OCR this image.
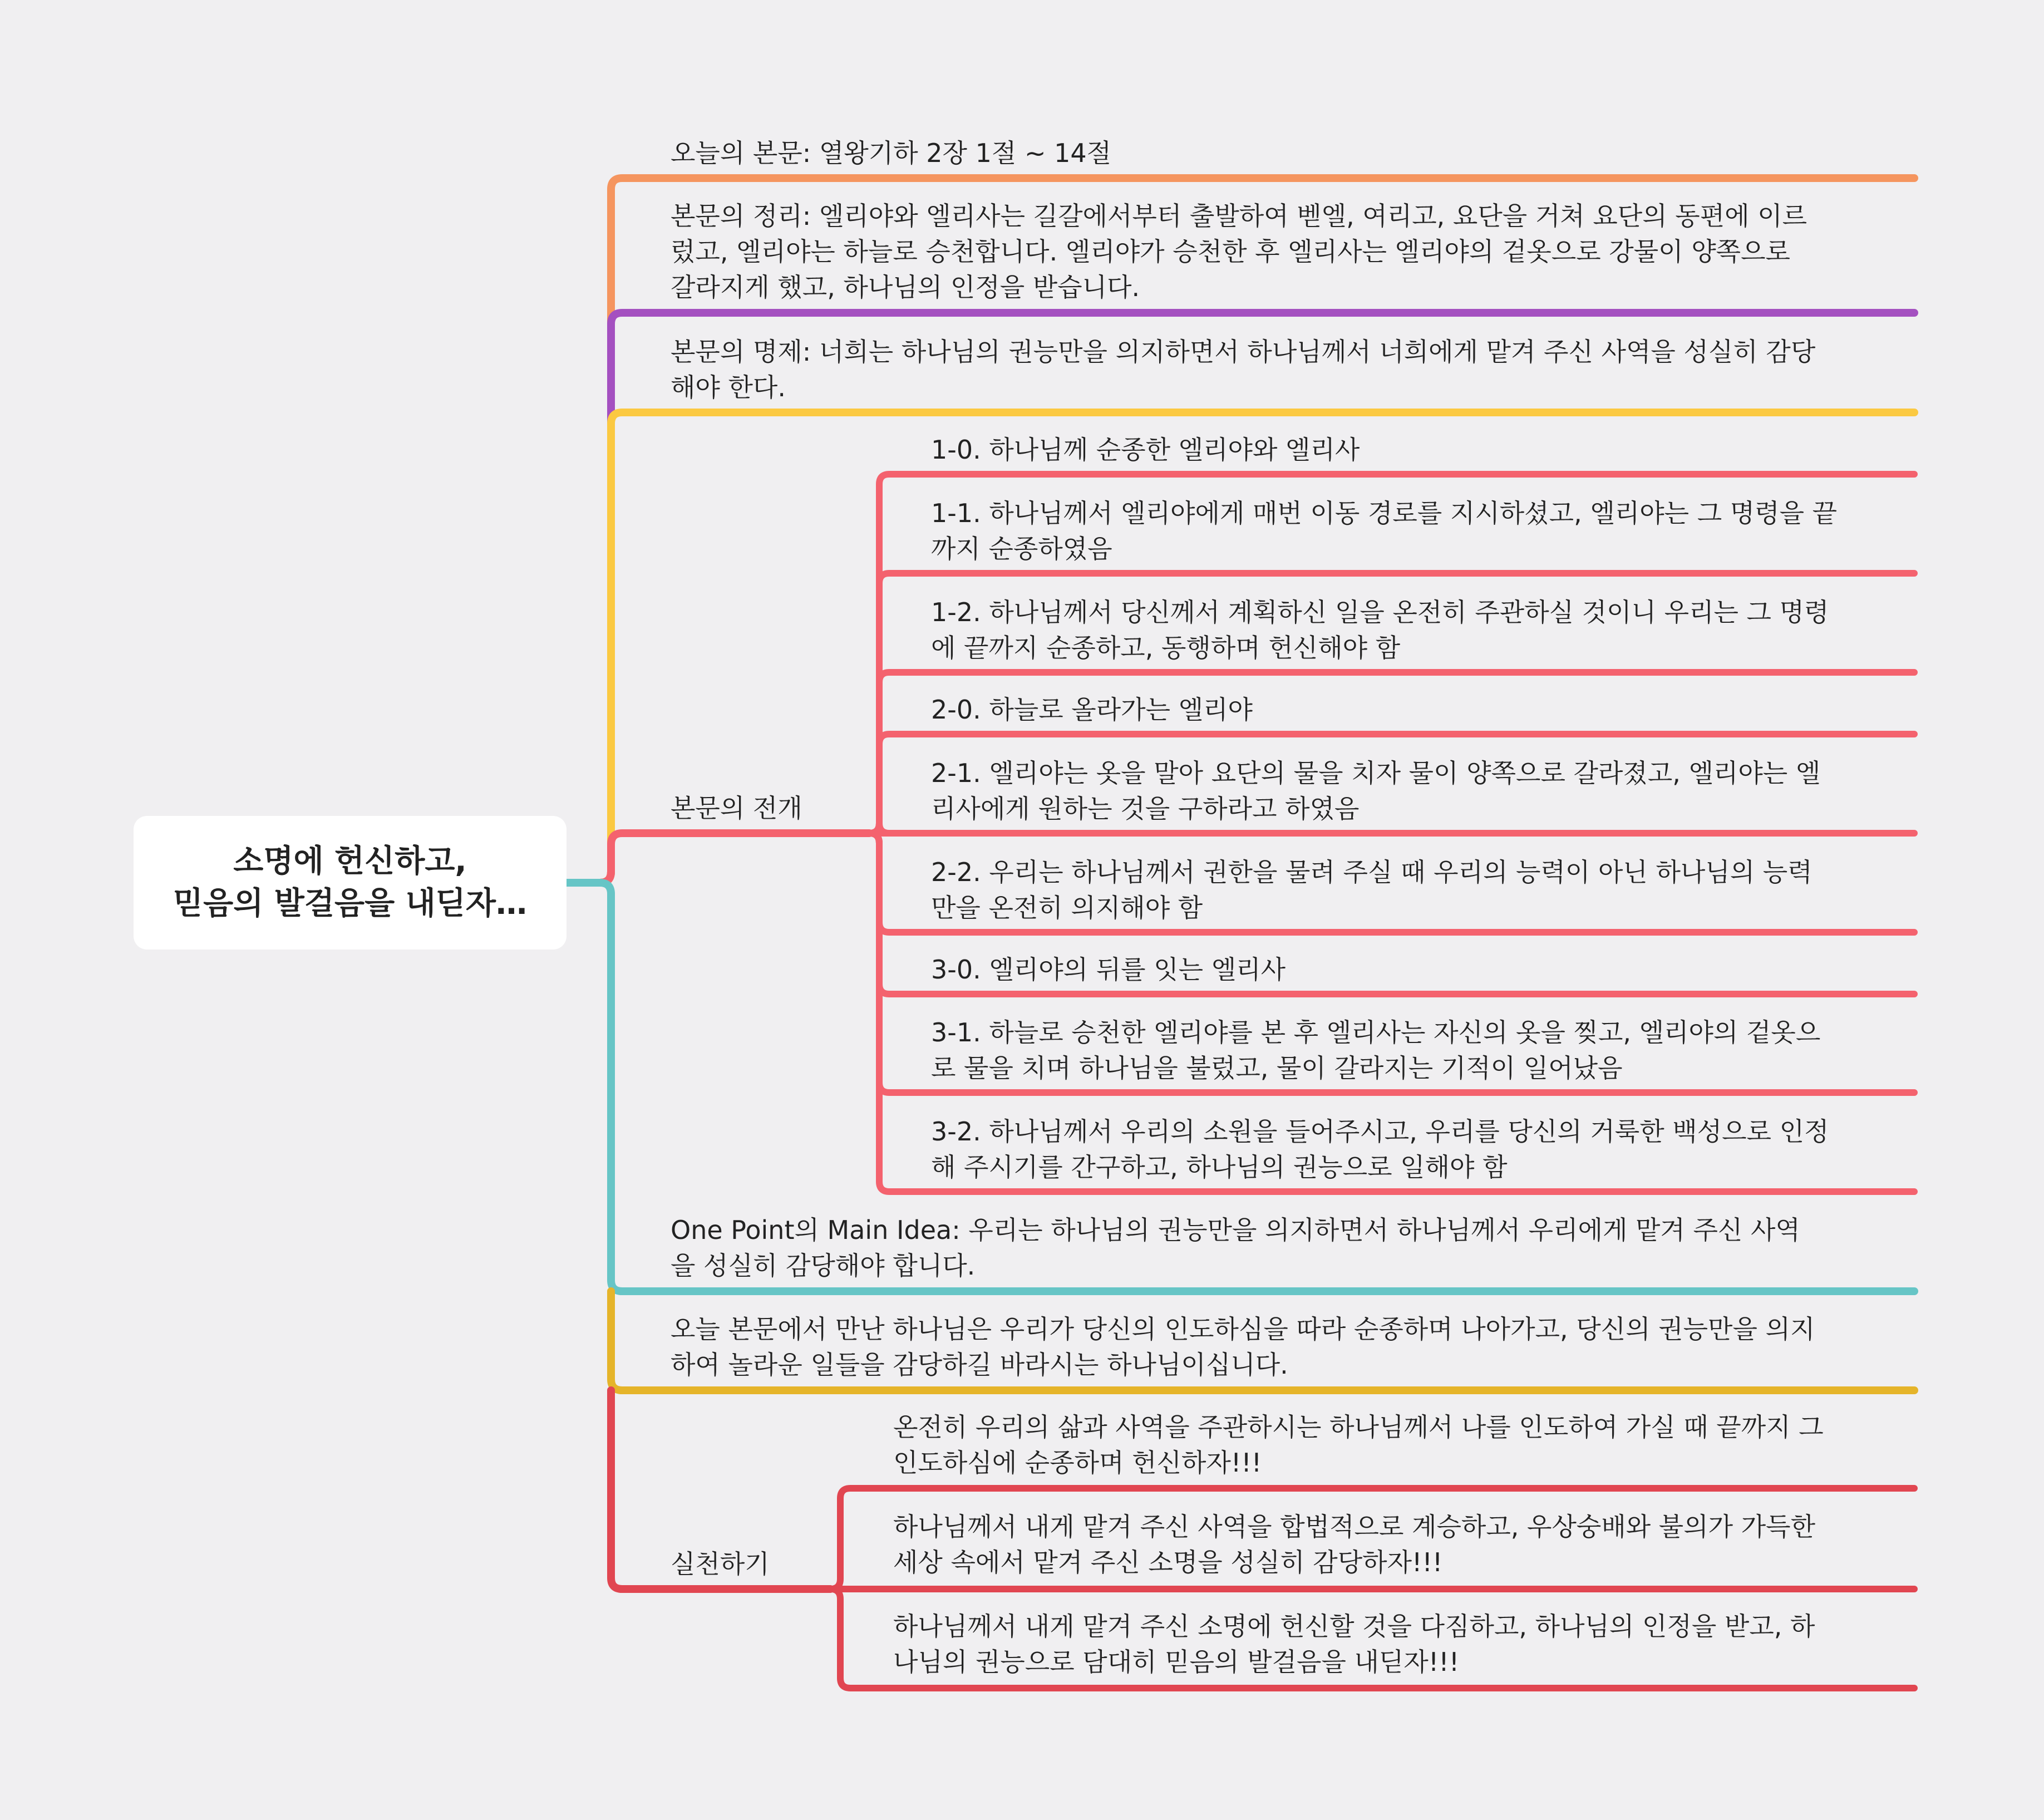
소명에 헌신하고,
믿음의 발걸음을 내딛자…
오늘의 본문: 열왕기하 2장 1절 ~ 14절
본문의 정리: 엘리야와 엘리사는 길갈에서부터 출발하여 벧엘, 여리고, 요단을 거쳐 요단의 동편에 이르
렀고, 엘리야는 하늘로 승천합니다. 엘리야가 승천한 후 엘리사는 엘리야의 겉옷으로 강물이 양쪽으로
갈라지게 했고, 하나님의 인정을 받습니다.
본문의 명제: 너희는 하나님의 권능만을 의지하면서 하나님께서 너희에게 맡겨 주신 사역을 성실히 감당
해야 한다.
본문의 전개
1-0. 하나님께 순종한 엘리야와 엘리사
1-1. 하나님께서 엘리야에게 매번 이동 경로를 지시하셨고, 엘리야는 그 명령을 끝
까지 순종하였음
1-2. 하나님께서 당신께서 계획하신 일을 온전히 주관하실 것이니 우리는 그 명령
에 끝까지 순종하고, 동행하며 헌신해야 함
2-0. 하늘로 올라가는 엘리야
2-1. 엘리야는 옷을 말아 요단의 물을 치자 물이 양쪽으로 갈라졌고, 엘리야는 엘
리사에게 원하는 것을 구하라고 하였음
2-2. 우리는 하나님께서 권한을 물려 주실 때 우리의 능력이 아닌 하나님의 능력
만을 온전히 의지해야 함
3-0. 엘리야의 뒤를 잇는 엘리사
3-1. 하늘로 승천한 엘리야를 본 후 엘리사는 자신의 옷을 찢고, 엘리야의 겉옷으
로 물을 치며 하나님을 불렀고, 물이 갈라지는 기적이 일어났음
3-2. 하나님께서 우리의 소원을 들어주시고, 우리를 당신의 거룩한 백성으로 인정
해 주시기를 간구하고, 하나님의 권능으로 일해야 함
One Point의 Main Idea: 우리는 하나님의 권능만을 의지하면서 하나님께서 우리에게 맡겨 주신 사역
을 성실히 감당해야 합니다.
오늘 본문에서 만난 하나님은 우리가 당신의 인도하심을 따라 순종하며 나아가고, 당신의 권능만을 의지
하여 놀라운 일들을 감당하길 바라시는 하나님이십니다.
실천하기
온전히 우리의 삶과 사역을 주관하시는 하나님께서 나를 인도하여 가실 때 끝까지 그
인도하심에 순종하며 헌신하자!!!
하나님께서 내게 맡겨 주신 사역을 합법적으로 계승하고, 우상숭배와 불의가 가득한
세상 속에서 맡겨 주신 소명을 성실히 감당하자!!!
하나님께서 내게 맡겨 주신 소명에 헌신할 것을 다짐하고, 하나님의 인정을 받고, 하
나님의 권능으로 담대히 믿음의 발걸음을 내딛자!!!
